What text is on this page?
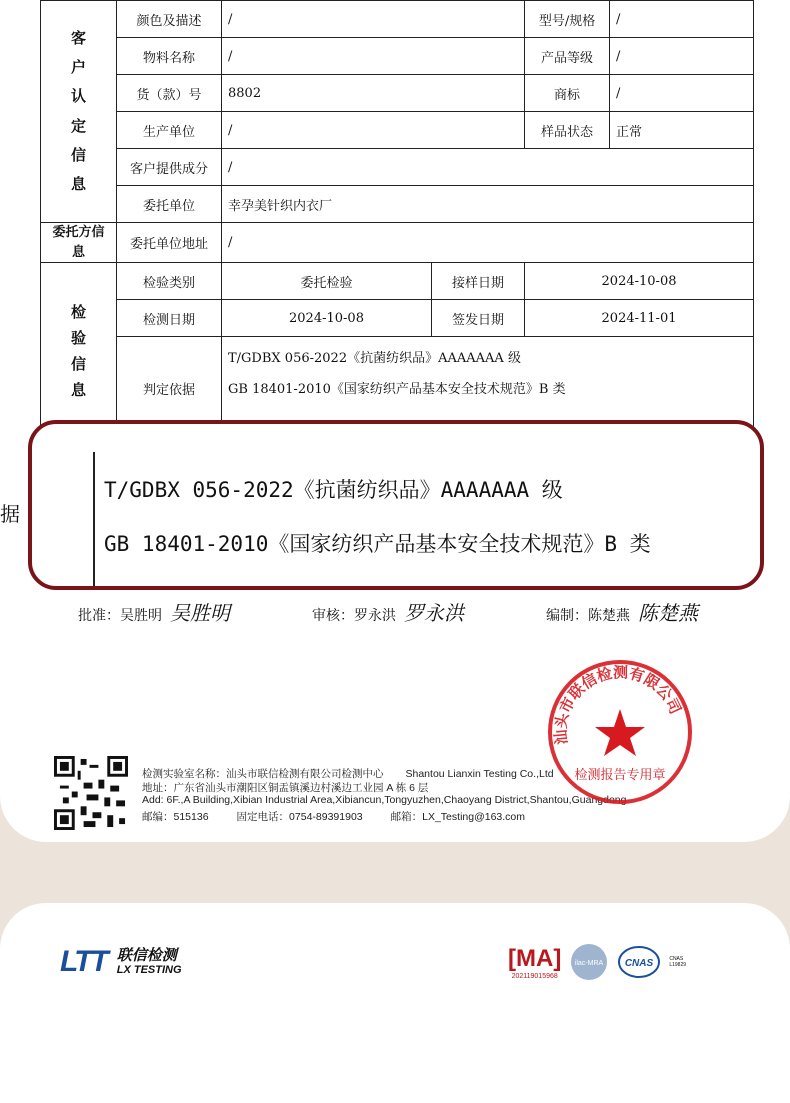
客户认定信息	颜色及描述	/		型号/规格	/
	物料名称	/		产品等级	/
	货（款）号	8802		商标	/
	生产单位	/		样品状态	正常
	客户提供成分	/			
	委托单位	幸孕美针织内衣厂			

委托方信息	委托单位地址	/			

检验信息	检验类别	委托检验	接样日期	2024-10-08	
	检测日期	2024-10-08	签发日期	2024-11-01	
	判定依据	T/GDBX 056-2022《抗菌纺织品》AAAAAAA 级
GB 18401-2010《国家纺织产品基本安全技术规范》B 类			
批准：吴胜明 吴胜明	审核：罗永洪 罗永洪	编制：陈楚燕 陈楚燕
检测实验室名称：汕头市联信检测有限公司检测中心 Shantou Lianxin Testing Co.,Ltd
地址：广东省汕头市潮阳区铜盂镇溪边村溪边工业园 A 栋 6 层
Add: 6F.,A Building,Xibian Industrial Area,Xibiancun,Tongyuzhen,Chaoyang District,Shantou,Guangdong
邮编：515136	固定电话：0754-89391903	邮箱：LX_Testing@163.com
汕头市联信检测有限公司
检测报告专用章
T/GDBX 056-2022《抗菌纺织品》AAAAAAA 级
GB 18401-2010《国家纺织产品基本安全技术规范》B 类
据
LTT 联信检测
LX TESTING	[MA]
202119015968
ilac-MRA CNAS	CNAS L19829
